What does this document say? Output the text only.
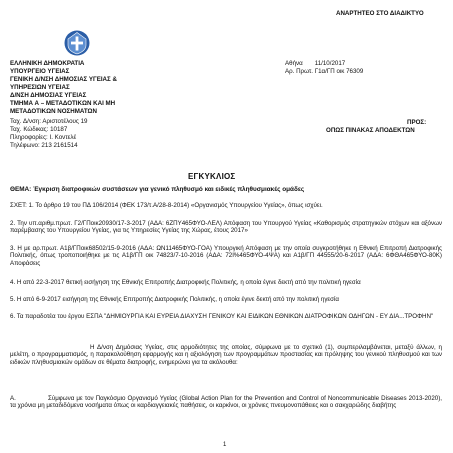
ΑΝΑΡΤΗΤΕΟ ΣΤΟ ΔΙΑΔΙΚΤΥΟ
ΕΛΛΗΝΙΚΗ ΔΗΜΟΚΡΑΤΙΑ
ΥΠΟΥΡΓΕΙΟ ΥΓΕΙΑΣ
ΓΕΝΙΚΗ Δ/ΝΣΗ ΔΗΜΟΣΙΑΣ ΥΓΕΙΑΣ &
ΥΠΗΡΕΣΙΩΝ ΥΓΕΙΑΣ
Δ/ΝΣΗ ΔΗΜΟΣΙΑΣ ΥΓΕΙΑΣ
ΤΜΗΜΑ Α – ΜΕΤΑΔΟΤΙΚΩΝ ΚΑΙ ΜΗ
ΜΕΤΑΔΟΤΙΚΩΝ ΝΟΣΗΜΑΤΩΝ
Ταχ. Δ/νση: Αριστοτέλους 19
Ταχ. Κώδικας: 10187
Πληροφορίες: Ι. Κοντελέ
Τηλέφωνο: 213 2161514
Αθήνα       11/10/2017
Αρ. Πρωτ. Γ1α/ΓΠ οικ 76309
ΠΡΟΣ:
ΟΠΩΣ ΠΙΝΑΚΑΣ ΑΠΟΔΕΚΤΩΝ
ΕΓΚΥΚΛΙΟΣ
ΘΕΜΑ: Έγκριση διατροφικών συστάσεων για γενικό πληθυσμό και ειδικές πληθυσμιακές ομάδες
ΣΧΕΤ: 1. Το άρθρο 19 του ΠΔ 106/2014 (ΦΕΚ 173/τ.Α/28-8-2014) «Οργανισμός Υπουργείου Υγείας», όπως ισχύει.
2. Την υπ.αριθμ.πρωτ. Γ2/ΓΠοικ20930/17-3-2017 (ΑΔΑ: 6ΖΠΥ465ΦΥΟ-ΛΕΛ) Απόφαση του Υπουργού Υγείας «Καθορισμός στρατηγικών στόχων και αξόνων παρέμβασης του Υπουργείου Υγείας, για τις Υπηρεσίες Υγείας της Χώρας, έτους 2017»
3. Η με αρ.πρωτ. Α1β/ΓΠοικ68502/15-9-2016 (ΑΔΑ: ΩΝ11465ΦΥΟ-ΓΟΑ) Υπουργική Απόφαση με την οποία συγκροτήθηκε η Εθνική Επιτροπή Διατροφικής Πολιτικής, όπως τροποποιήθηκε με τις Α1β/ΓΠ οικ 74823/7-10-2016 (ΑΔΑ: 72Ι%465ΦΥΟ-4ΨΑ) και Α1β/ΓΠ 44555/20-6-2017 (ΑΔΑ: 6ΦΘΑ465ΦΥΟ-80Κ) Αποφάσεις
4. Η από 22-3-2017 θετική εισήγηση της Εθνικής Επιτροπής Διατροφικής Πολιτικής, η οποία έγινε δεκτή από την πολιτική ηγεσία
5. Η από 6-9-2017 εισήγηση της Εθνικής Επιτροπής Διατροφικής Πολιτικής, η οποία έγινε δεκτή από την πολιτική ηγεσία
6. Τα παραδοτέα του έργου ΕΣΠΑ "ΔΗΜΙΟΥΡΓΙΑ ΚΑΙ ΕΥΡΕΙΑ ΔΙΑΧΥΣΗ ΓΕΝΙΚΟΥ ΚΑΙ ΕΙΔΙΚΩΝ ΕΘΝΙΚΩΝ ΔΙΑΤΡΟΦΙΚΩΝ ΟΔΗΓΩΝ - ΕΥ ΔΙΑ...ΤΡΟΦΗΝ"
Η Δ/νση Δημόσιας Υγείας, στις αρμοδιότητες της οποίας, σύμφωνα με το σχετικό (1), συμπεριλαμβάνεται, μεταξύ άλλων, η μελέτη, ο προγραμματισμός, η παρακολούθηση εφαρμογής και η αξιολόγηση των προγραμμάτων προστασίας και πρόληψης του γενικού πληθυσμού και των ειδικών πληθυσμιακών ομάδων σε θέματα διατροφής, ενημερώνει για τα ακόλουθα:
Α.	Σύμφωνα με τον Παγκόσμιο Οργανισμό Υγείας (Global Action Plan for the Prevention and Control of Noncommunicable Diseases 2013-2020), τα χρόνια μη μεταδιδόμενα νοσήματα όπως οι καρδιαγγειακές παθήσεις, οι καρκίνοι, οι χρόνιες πνευμονοπάθειες και ο σακχαρώδης διαβήτης
1
